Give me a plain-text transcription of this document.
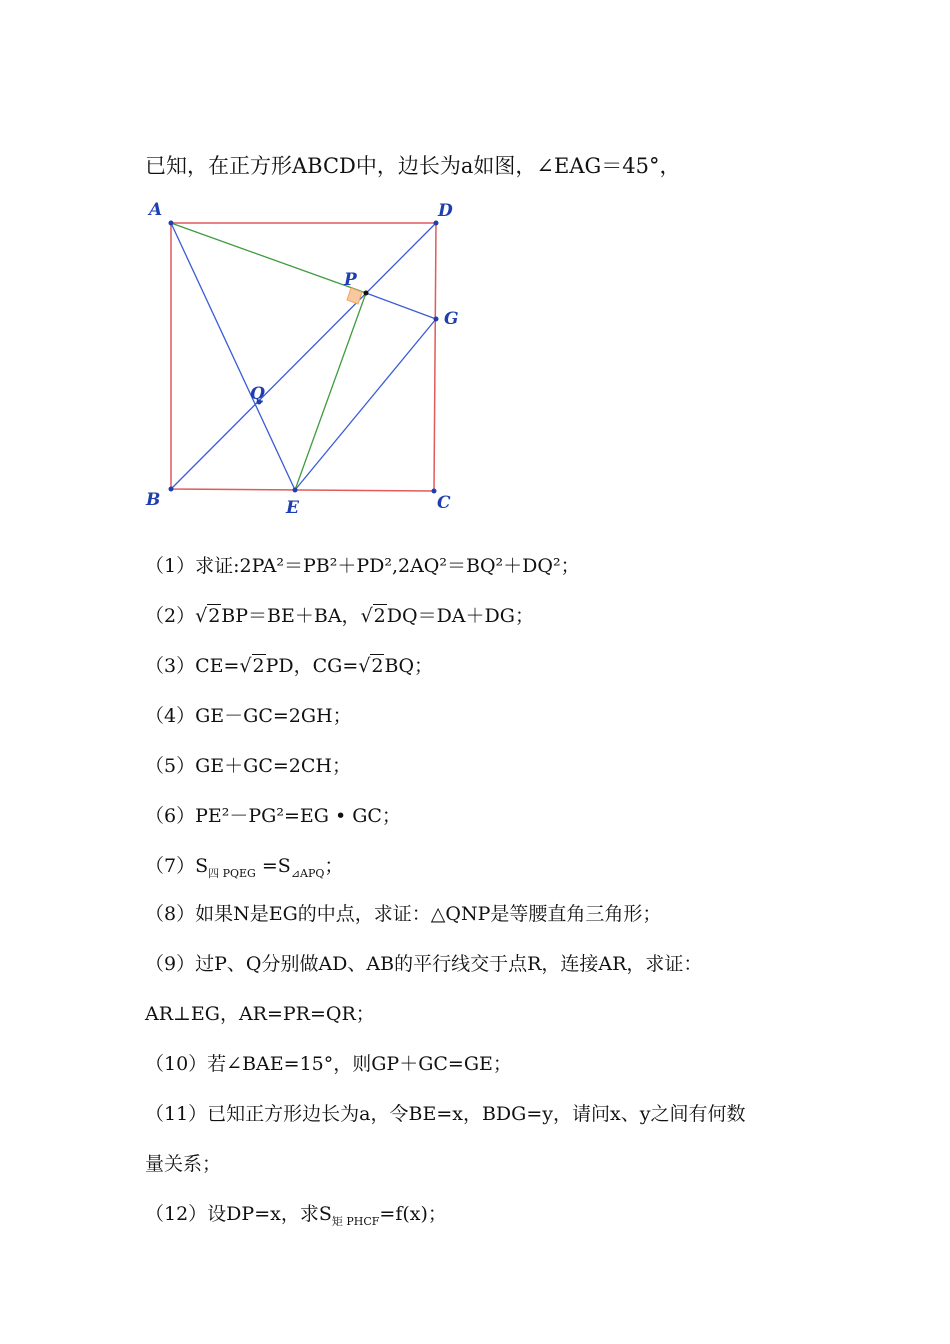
已知，在正方形ABCD中，边长为a如图，∠EAG＝45°，
A	D
P
G
Q
B	E	C
（1）求证:2PA²＝PB²＋PD²,2AQ²＝BQ²＋DQ²；
（2）√2BP＝BE＋BA，√2DQ＝DA＋DG；
（3）CE=√2PD，CG=√2BQ；
（4）GE－GC=2GH；
（5）GE＋GC=2CH；
（6）PE²－PG²=EG • GC；
$(7)S_{四 PQEG} =S_{⊿APQ}$；
（8）如果N是EG的中点，求证：△QNP是等腰直角三角形；
（9）过P、Q分别做AD、AB的平行线交于点R，连接AR，求证：
AR⊥EG，AR=PR=QR；
（10）若∠BAE=15°，则GP＋GC=GE；
（11）已知正方形边长为a，令BE=x，BDG=y，请问x、y之间有何数
量关系；
（12）设DP=x，求$S_{矩 PHCF}=f(x)$；
